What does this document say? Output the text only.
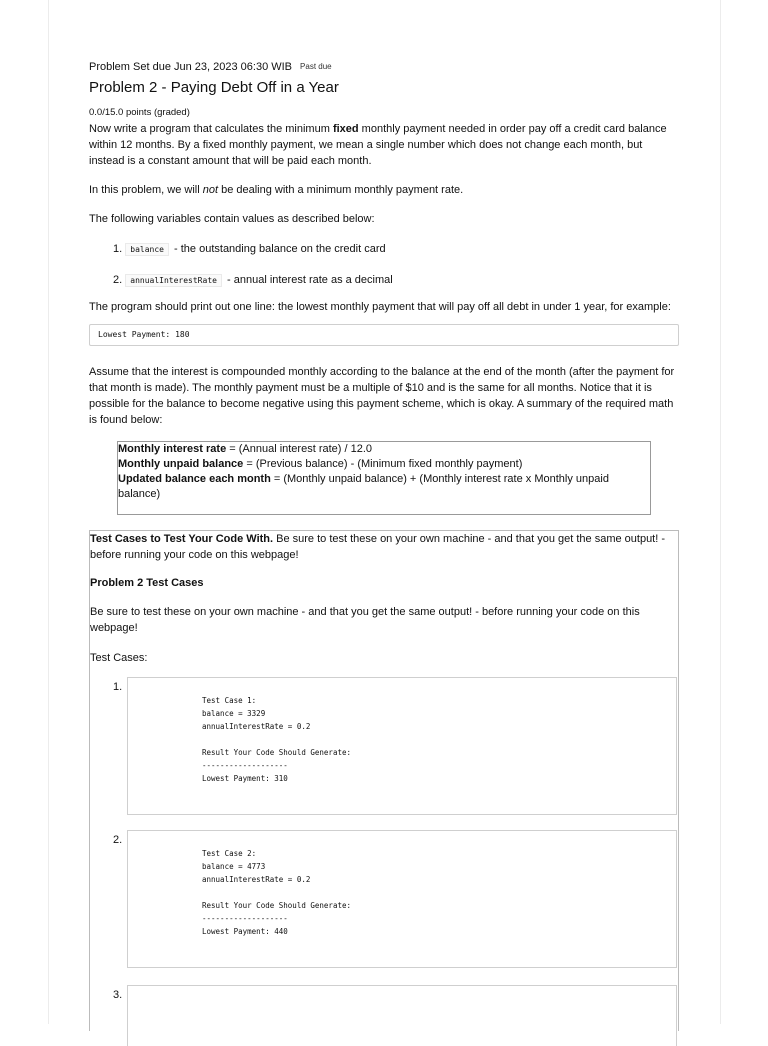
Problem Set due Jun 23, 2023 06:30 WIB Past due
Problem 2 - Paying Debt Off in a Year
0.0/15.0 points (graded)

Now write a program that calculates the minimum fixed monthly payment needed in order pay off a credit card balance within 12 months. By a fixed monthly payment, we mean a single number which does not change each month, but instead is a constant amount that will be paid each month.

In this problem, we will not be dealing with a minimum monthly payment rate.

The following variables contain values as described below:

1. balance - the outstanding balance on the credit card
2. annualInterestRate - annual interest rate as a decimal

The program should print out one line: the lowest monthly payment that will pay off all debt in under 1 year, for example:

Lowest Payment: 180

Assume that the interest is compounded monthly according to the balance at the end of the month (after the payment for that month is made). The monthly payment must be a multiple of $10 and is the same for all months. Notice that it is possible for the balance to become negative using this payment scheme, which is okay. A summary of the required math is found below:

Monthly interest rate = (Annual interest rate) / 12.0
Monthly unpaid balance = (Previous balance) - (Minimum fixed monthly payment)
Updated balance each month = (Monthly unpaid balance) + (Monthly interest rate x Monthly unpaid balance)

Test Cases to Test Your Code With. Be sure to test these on your own machine - and that you get the same output! - before running your code on this webpage!

Problem 2 Test Cases

Be sure to test these on your own machine - and that you get the same output! - before running your code on this webpage!

Test Cases:

1.
Test Case 1:
balance = 3329
annualInterestRate = 0.2

Result Your Code Should Generate:
-------------------
Lowest Payment: 310
2.
Test Case 2:
balance = 4773
annualInterestRate = 0.2

Result Your Code Should Generate:
-------------------
Lowest Payment: 440
3.
